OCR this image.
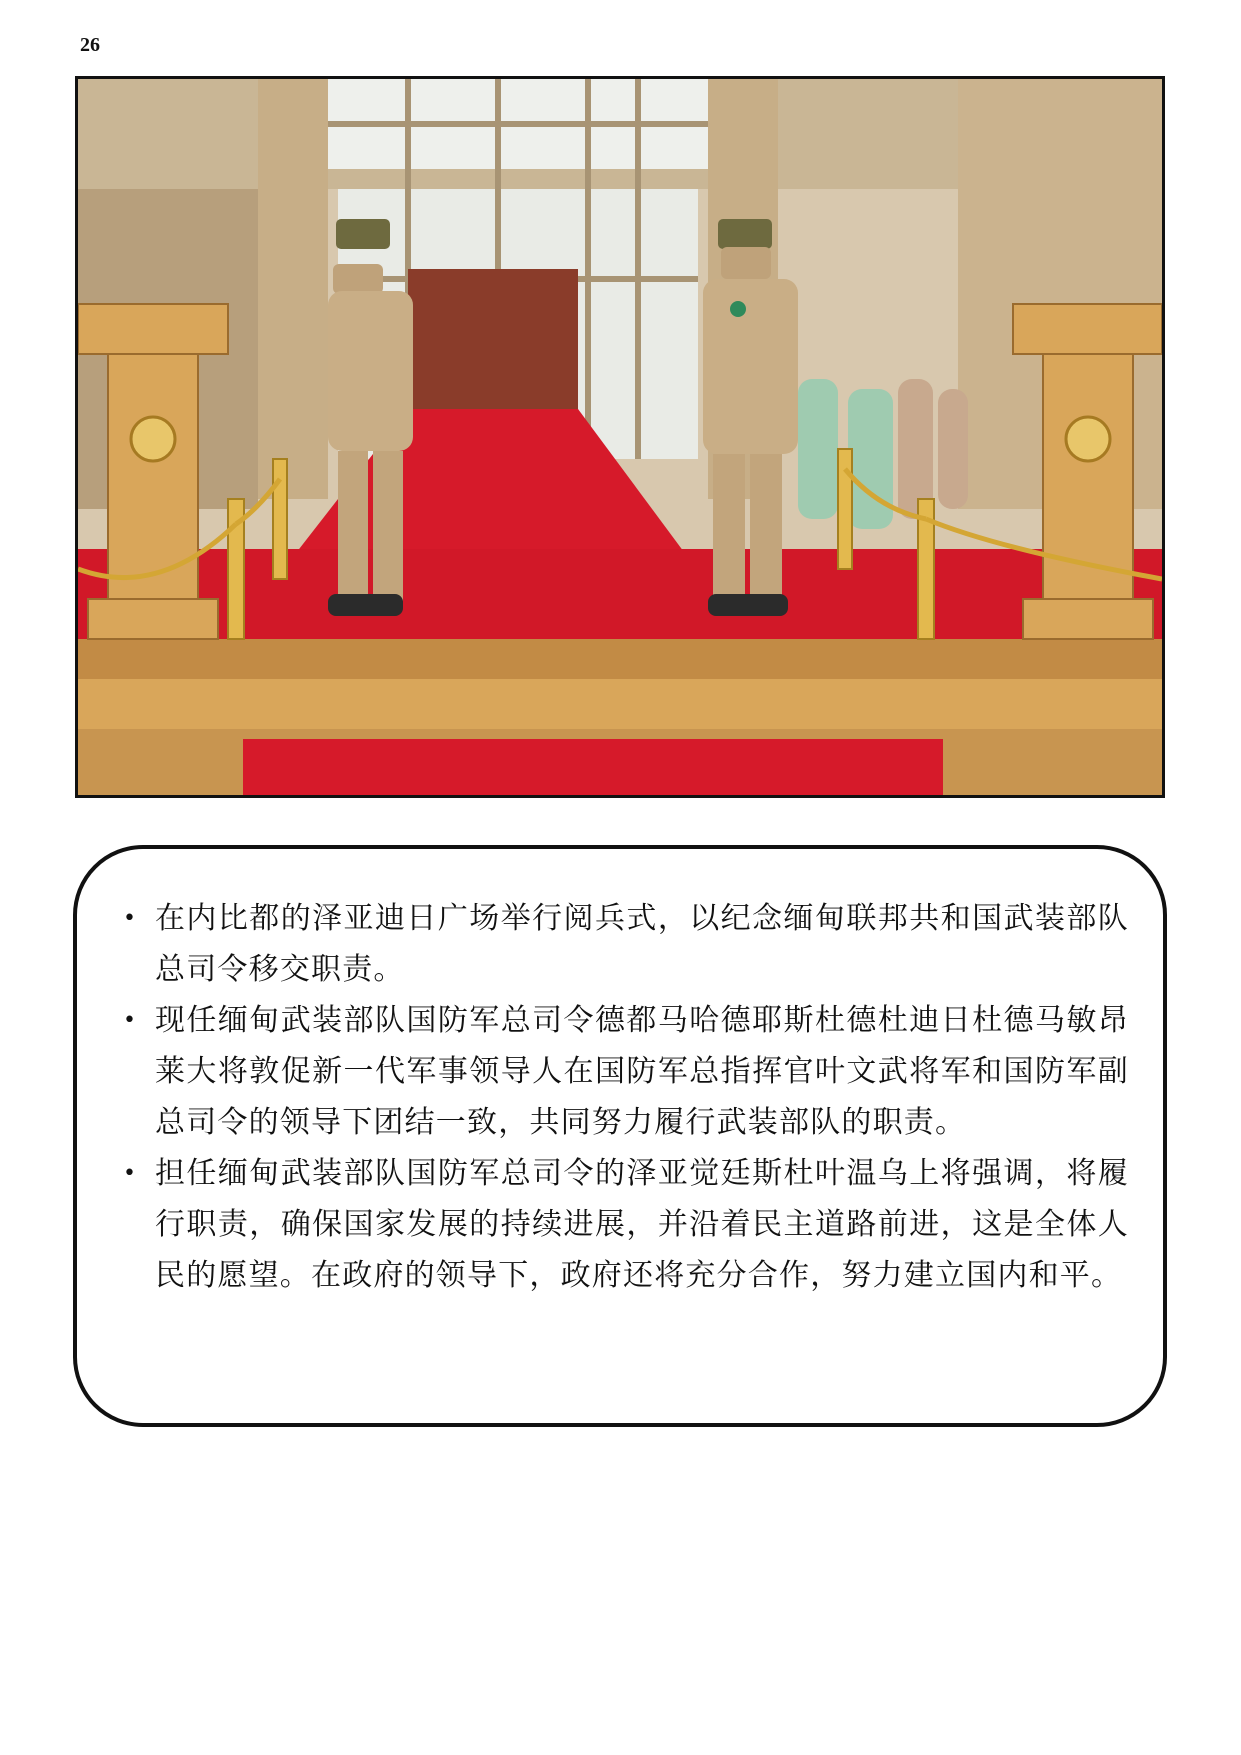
26
• 在内比都的泽亚迪日广场举行阅兵式，以纪念缅甸联邦共和国武装部队总司令移交职责。
• 现任缅甸武装部队国防军总司令德都马哈德耶斯杜德杜迪日杜德马敏昂莱大将敦促新一代军事领导人在国防军总指挥官叶文武将军和国防军副总司令的领导下团结一致，共同努力履行武装部队的职责。
• 担任缅甸武装部队国防军总司令的泽亚觉廷斯杜叶温乌上将强调，将履行职责，确保国家发展的持续进展，并沿着民主道路前进，这是全体人民的愿望。在政府的领导下，政府还将充分合作，努力建立国内和平。
